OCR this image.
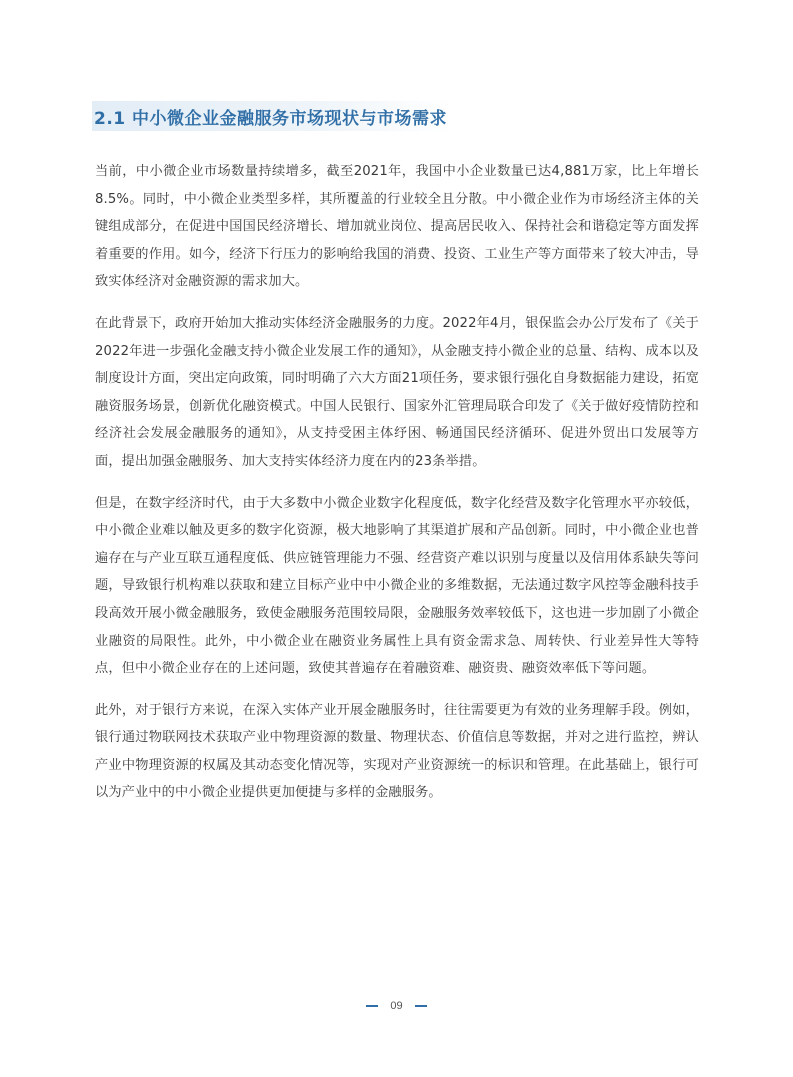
2.1 中小微企业金融服务市场现状与市场需求

当前，中小微企业市场数量持续增多，截至2021年，我国中小企业数量已达4,881万家，比上年增长8.5%。同时，中小微企业类型多样，其所覆盖的行业较全且分散。中小微企业作为市场经济主体的关键组成部分，在促进中国国民经济增长、增加就业岗位、提高居民收入、保持社会和谐稳定等方面发挥着重要的作用。如今，经济下行压力的影响给我国的消费、投资、工业生产等方面带来了较大冲击，导致实体经济对金融资源的需求加大。

在此背景下，政府开始加大推动实体经济金融服务的力度。2022年4月，银保监会办公厅发布了《关于2022年进一步强化金融支持小微企业发展工作的通知》，从金融支持小微企业的总量、结构、成本以及制度设计方面，突出定向政策，同时明确了六大方面21项任务，要求银行强化自身数据能力建设，拓宽融资服务场景，创新优化融资模式。中国人民银行、国家外汇管理局联合印发了《关于做好疫情防控和经济社会发展金融服务的通知》，从支持受困主体纾困、畅通国民经济循环、促进外贸出口发展等方面，提出加强金融服务、加大支持实体经济力度在内的23条举措。

但是，在数字经济时代，由于大多数中小微企业数字化程度低，数字化经营及数字化管理水平亦较低，中小微企业难以触及更多的数字化资源，极大地影响了其渠道扩展和产品创新。同时，中小微企业也普遍存在与产业互联互通程度低、供应链管理能力不强、经营资产难以识别与度量以及信用体系缺失等问题，导致银行机构难以获取和建立目标产业中中小微企业的多维数据，无法通过数字风控等金融科技手段高效开展小微金融服务，致使金融服务范围较局限，金融服务效率较低下，这也进一步加剧了小微企业融资的局限性。此外，中小微企业在融资业务属性上具有资金需求急、周转快、行业差异性大等特点，但中小微企业存在的上述问题，致使其普遍存在着融资难、融资贵、融资效率低下等问题。

此外，对于银行方来说，在深入实体产业开展金融服务时，往往需要更为有效的业务理解手段。例如，银行通过物联网技术获取产业中物理资源的数量、物理状态、价值信息等数据，并对之进行监控，辨认产业中物理资源的权属及其动态变化情况等，实现对产业资源统一的标识和管理。在此基础上，银行可以为产业中的中小微企业提供更加便捷与多样的金融服务。

09
